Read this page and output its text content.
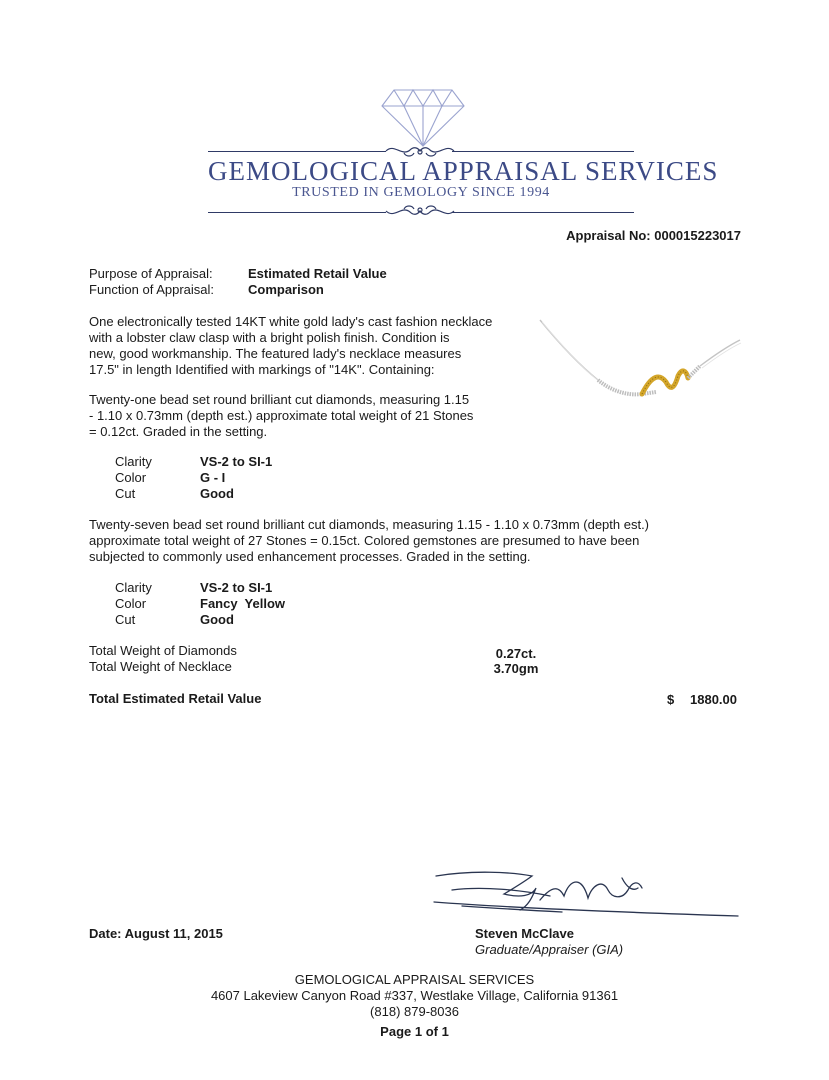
GEMOLOGICAL APPRAISAL SERVICES
TRUSTED IN GEMOLOGY SINCE 1994
Appraisal No: 000015223017
Purpose of Appraisal:	Estimated Retail Value
Function of Appraisal:	Comparison
One electronically tested 14KT white gold lady's cast fashion necklace
with a lobster claw clasp with a bright polish finish. Condition is
new, good workmanship. The featured lady's necklace measures
17.5" in length Identified with markings of "14K". Containing:
Twenty-one bead set round brilliant cut diamonds, measuring 1.15
- 1.10 x 0.73mm (depth est.) approximate total weight of 21 Stones
= 0.12ct. Graded in the setting.
Clarity	VS-2 to SI-1
Color	G - I
Cut	Good
Twenty-seven bead set round brilliant cut diamonds, measuring 1.15 - 1.10 x 0.73mm (depth est.)
approximate total weight of 27 Stones = 0.15ct. Colored gemstones are presumed to have been
subjected to commonly used enhancement processes. Graded in the setting.
Clarity	VS-2 to SI-1
Color	Fancy  Yellow
Cut	Good
Total Weight of Diamonds	0.27ct.
Total Weight of Necklace	3.70gm
Total Estimated Retail Value	$ 1880.00
Steven McClave
Graduate/Appraiser (GIA)
Date: August 11, 2015
GEMOLOGICAL APPRAISAL SERVICES
4607 Lakeview Canyon Road #337, Westlake Village, California 91361
(818) 879-8036
Page 1 of 1
